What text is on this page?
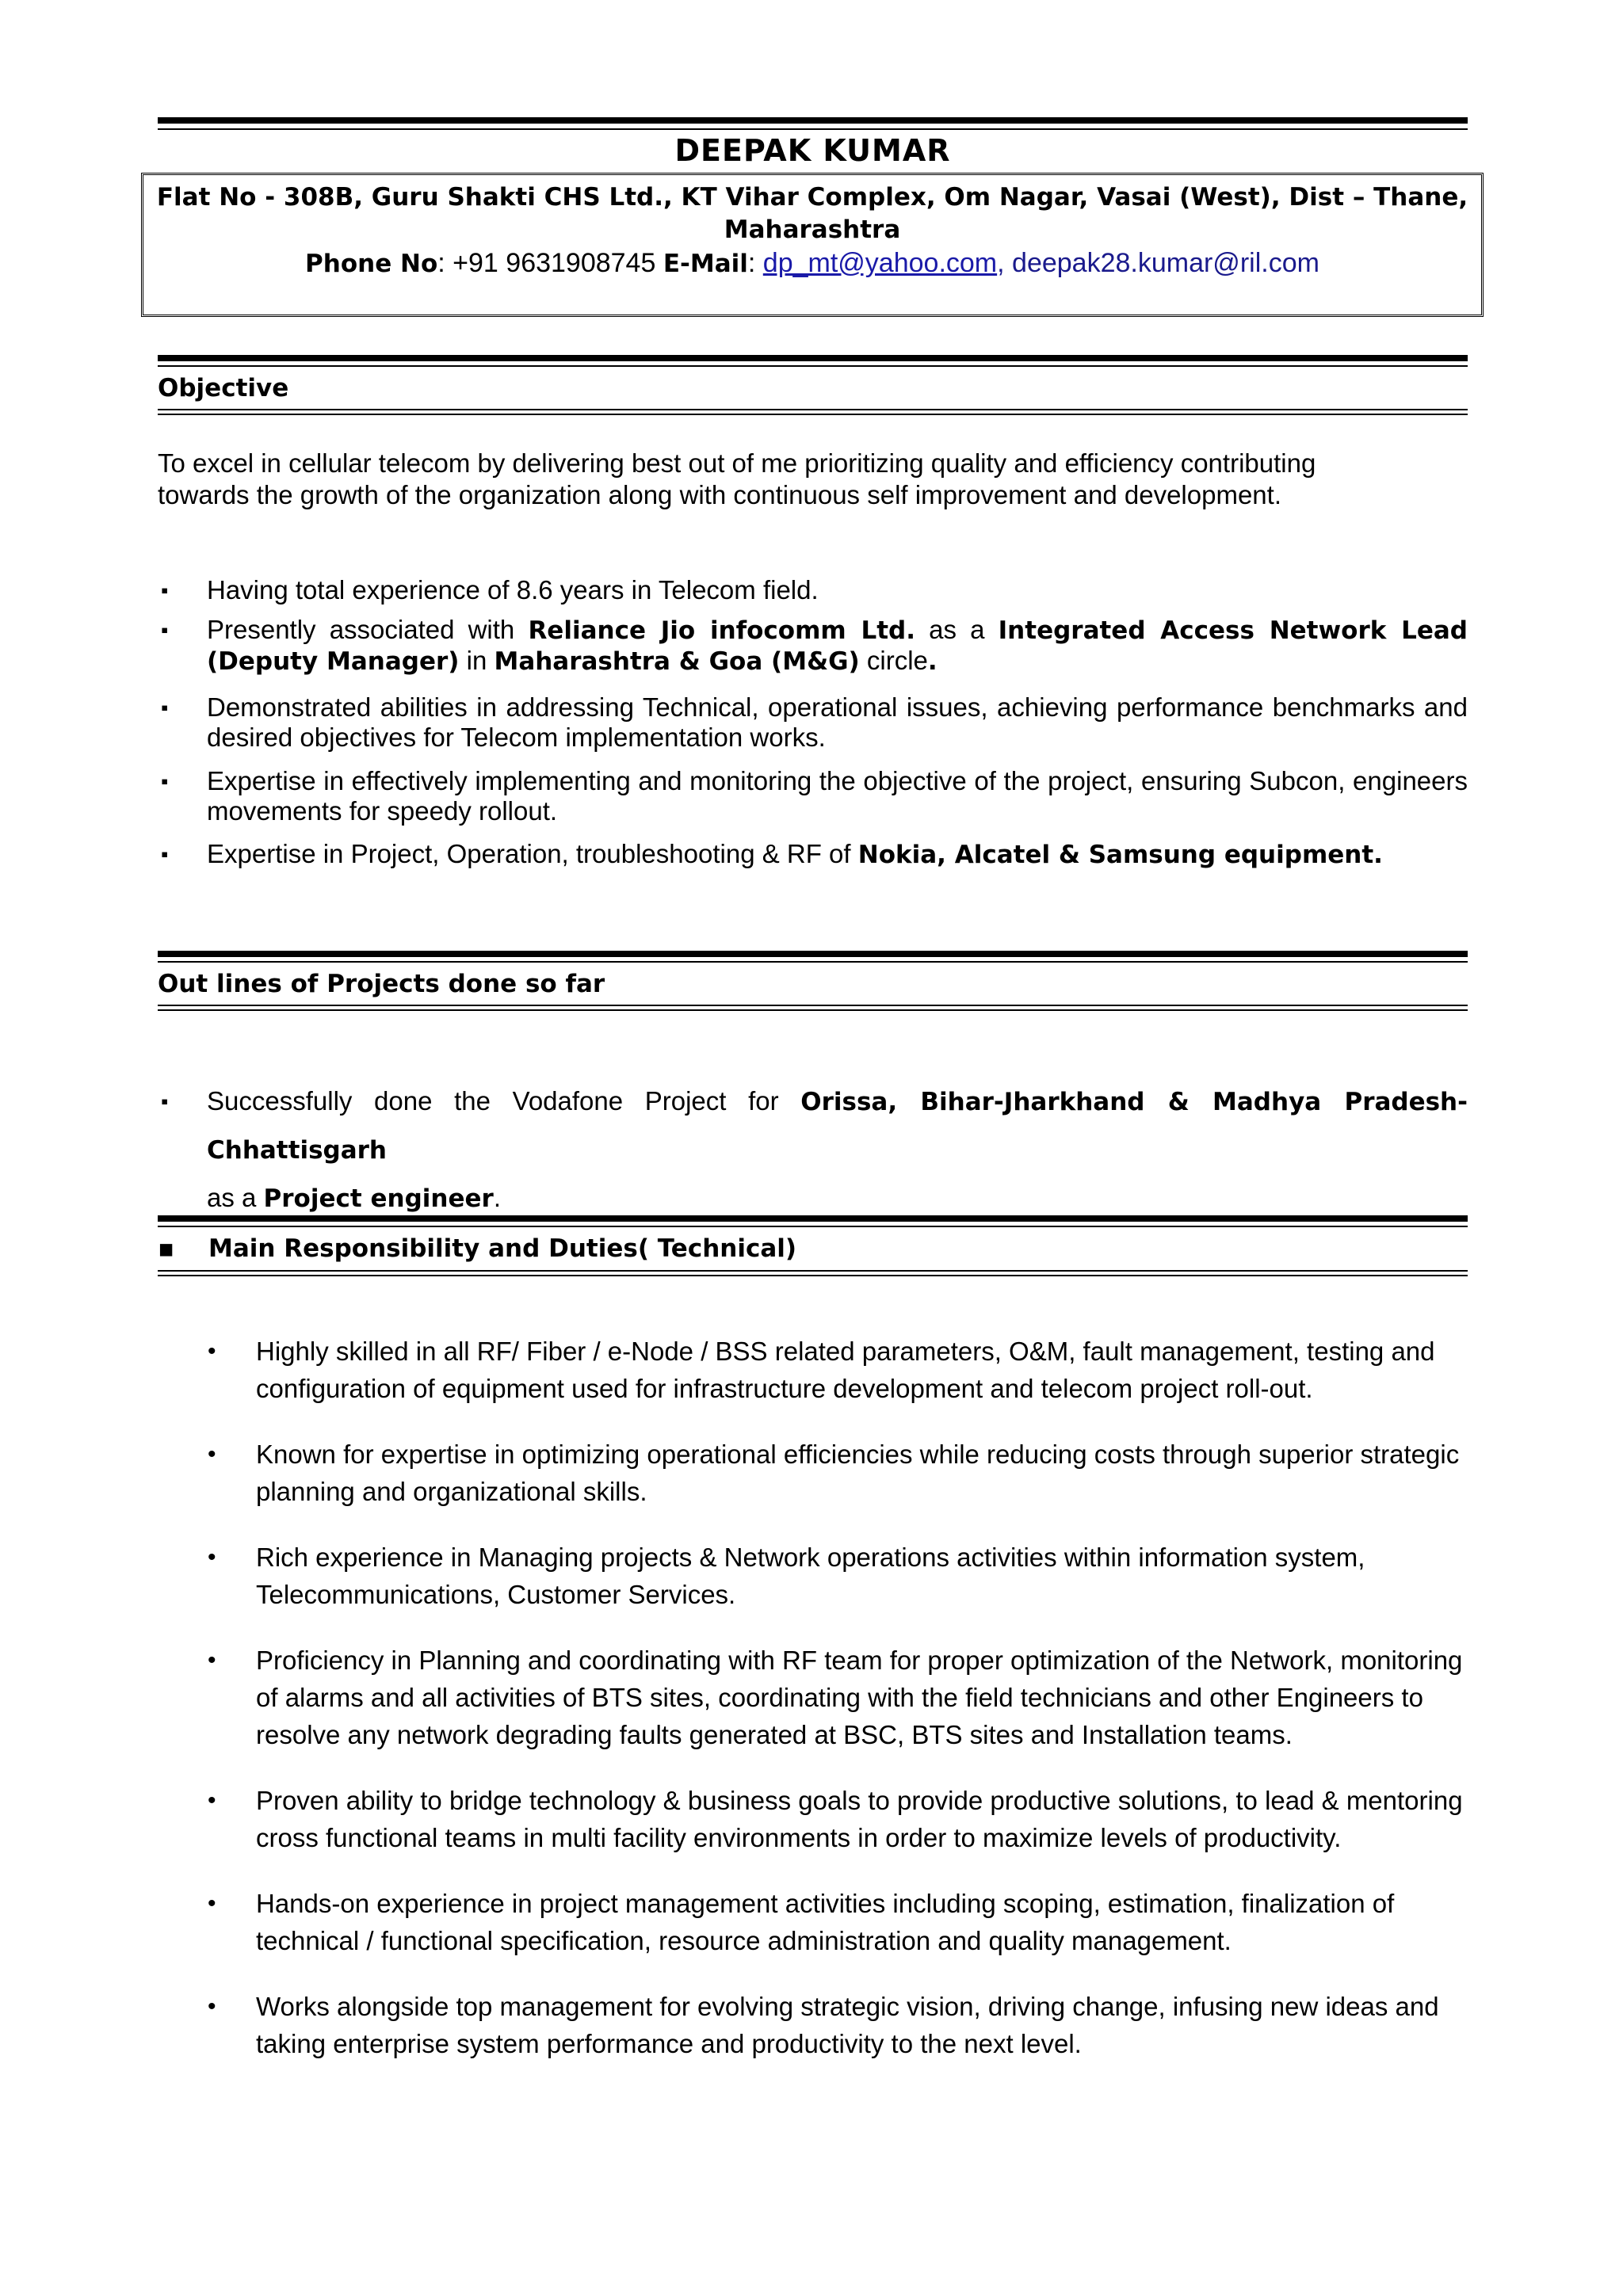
DEEPAK KUMAR
Flat No - 308B, Guru Shakti CHS Ltd., KT Vihar Complex, Om Nagar, Vasai (West), Dist – Thane,
Maharashtra
Phone No: +91 9631908745 E-Mail: dp_mt@yahoo.com, deepak28.kumar@ril.com
Objective
To excel in cellular telecom by delivering best out of me prioritizing quality and efficiency contributing
towards the growth of the organization along with continuous self improvement and development.
▪ Having total experience of 8.6 years in Telecom field.
▪ Presently associated with Reliance Jio infocomm Ltd. as a Integrated Access Network Lead (Deputy Manager) in Maharashtra & Goa (M&G) circle.
▪ Demonstrated abilities in addressing Technical, operational issues, achieving performance benchmarks and desired objectives for Telecom implementation works.
▪ Expertise in effectively implementing and monitoring the objective of the project, ensuring Subcon, engineers movements for speedy rollout.
▪ Expertise in Project, Operation, troubleshooting & RF of Nokia, Alcatel & Samsung equipment.
Out lines of Projects done so far
▪ Successfully done the Vodafone Project for Orissa, Bihar-Jharkhand & Madhya Pradesh-Chhattisgarh
as a Project engineer.
▪ Main Responsibility and Duties( Technical)
• Highly skilled in all RF/ Fiber / e-Node / BSS related parameters, O&M, fault management, testing and configuration of equipment used for infrastructure development and telecom project roll-out.
• Known for expertise in optimizing operational efficiencies while reducing costs through superior strategic planning and organizational skills.
• Rich experience in Managing projects & Network operations activities within information system, Telecommunications, Customer Services.
• Proficiency in Planning and coordinating with RF team for proper optimization of the Network, monitoring of alarms and all activities of BTS sites, coordinating with the field technicians and other Engineers to resolve any network degrading faults generated at BSC, BTS sites and Installation teams.
• Proven ability to bridge technology & business goals to provide productive solutions, to lead & mentoring cross functional teams in multi facility environments in order to maximize levels of productivity.
• Hands-on experience in project management activities including scoping, estimation, finalization of technical / functional specification, resource administration and quality management.
• Works alongside top management for evolving strategic vision, driving change, infusing new ideas and taking enterprise system performance and productivity to the next level.
